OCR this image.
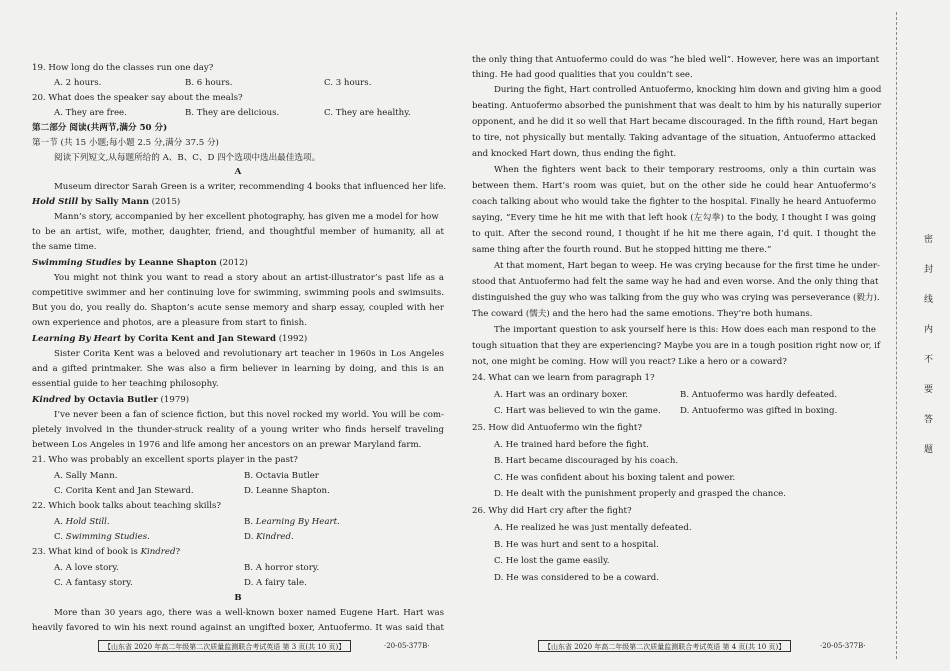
19. How long do the classes run one day?
A. 2 hours.	B. 6 hours.	C. 3 hours.
20. What does the speaker say about the meals?
A. They are free.	B. They are delicious.	C. They are healthy.
第二部分 阅读(共两节,满分 50 分)
第一节 (共 15 小题;每小题 2.5 分,满分 37.5 分)
阅读下列短文,从每题所给的 A、B、C、D 四个选项中选出最佳选项。
A
Museum director Sarah Green is a writer, recommending 4 books that influenced her life.
Hold Still by Sally Mann (2015)
Mann’s story, accompanied by her excellent photography, has given me a model for how
to be an artist, wife, mother, daughter, friend, and thoughtful member of humanity, all at
the same time.
Swimming Studies by Leanne Shapton (2012)
You might not think you want to read a story about an artist-illustrator’s past life as a
competitive swimmer and her continuing love for swimming, swimming pools and swimsuits.
But you do, you really do. Shapton’s acute sense memory and sharp essay, coupled with her
own experience and photos, are a pleasure from start to finish.
Learning By Heart by Corita Kent and Jan Steward (1992)
Sister Corita Kent was a beloved and revolutionary art teacher in 1960s in Los Angeles
and a gifted printmaker. She was also a firm believer in learning by doing, and this is an
essential guide to her teaching philosophy.
Kindred by Octavia Butler (1979)
I’ve never been a fan of science fiction, but this novel rocked my world. You will be com-
pletely involved in the thunder-struck reality of a young writer who finds herself traveling
between Los Angeles in 1976 and life among her ancestors on an prewar Maryland farm.
21. Who was probably an excellent sports player in the past?
A. Sally Mann.	B. Octavia Butler
C. Corita Kent and Jan Steward.	D. Leanne Shapton.
22. Which book talks about teaching skills?
A. Hold Still.	B. Learning By Heart.
C. Swimming Studies.	D. Kindred.
23. What kind of book is Kindred?
A. A love story.	B. A horror story.
C. A fantasy story.	D. A fairy tale.
B
More than 30 years ago, there was a well-known boxer named Eugene Hart. Hart was
heavily favored to win his next round against an ungifted boxer, Antuofermo. It was said that
the only thing that Antuofermo could do was “he bled well”. However, here was an important
thing. He had good qualities that you couldn’t see.
During the fight, Hart controlled Antuofermo, knocking him down and giving him a good
beating. Antuofermo absorbed the punishment that was dealt to him by his naturally superior
opponent, and he did it so well that Hart became discouraged. In the fifth round, Hart began
to tire, not physically but mentally. Taking advantage of the situation, Antuofermo attacked
and knocked Hart down, thus ending the fight.
When the fighters went back to their temporary restrooms, only a thin curtain was
between them. Hart’s room was quiet, but on the other side he could hear Antuofermo’s
coach talking about who would take the fighter to the hospital. Finally he heard Antuofermo
saying, “Every time he hit me with that left hook (左勾拳) to the body, I thought I was going
to quit. After the second round, I thought if he hit me there again, I’d quit. I thought the
same thing after the fourth round. But he stopped hitting me there.”
At that moment, Hart began to weep. He was crying because for the first time he under-
stood that Antuofermo had felt the same way he had and even worse. And the only thing that
distinguished the guy who was talking from the guy who was crying was perseverance (毅力).
The coward (懦夫) and the hero had the same emotions. They’re both humans.
The important question to ask yourself here is this: How does each man respond to the
tough situation that they are experiencing? Maybe you are in a tough position right now or, if
not, one might be coming. How will you react? Like a hero or a coward?
24. What can we learn from paragraph 1?
A. Hart was an ordinary boxer.	B. Antuofermo was hardly defeated.
C. Hart was believed to win the game. D. Antuofermo was gifted in boxing.
25. How did Antuofermo win the fight?
A. He trained hard before the fight.
B. Hart became discouraged by his coach.
C. He was confident about his boxing talent and power.
D. He dealt with the punishment properly and grasped the chance.
26. Why did Hart cry after the fight?
A. He realized he was just mentally defeated.
B. He was hurt and sent to a hospital.
C. He lost the game easily.
D. He was considered to be a coward.
【山东省 2020 年高二年级第二次质量监测联合考试英语 第 3 页(共 10 页)】	·20-05-377B·	【山东省 2020 年高二年级第二次质量监测联合考试英语 第 4 页(共 10 页)】	·20-05-377B·
密
封
线
内
不
要
答
题
